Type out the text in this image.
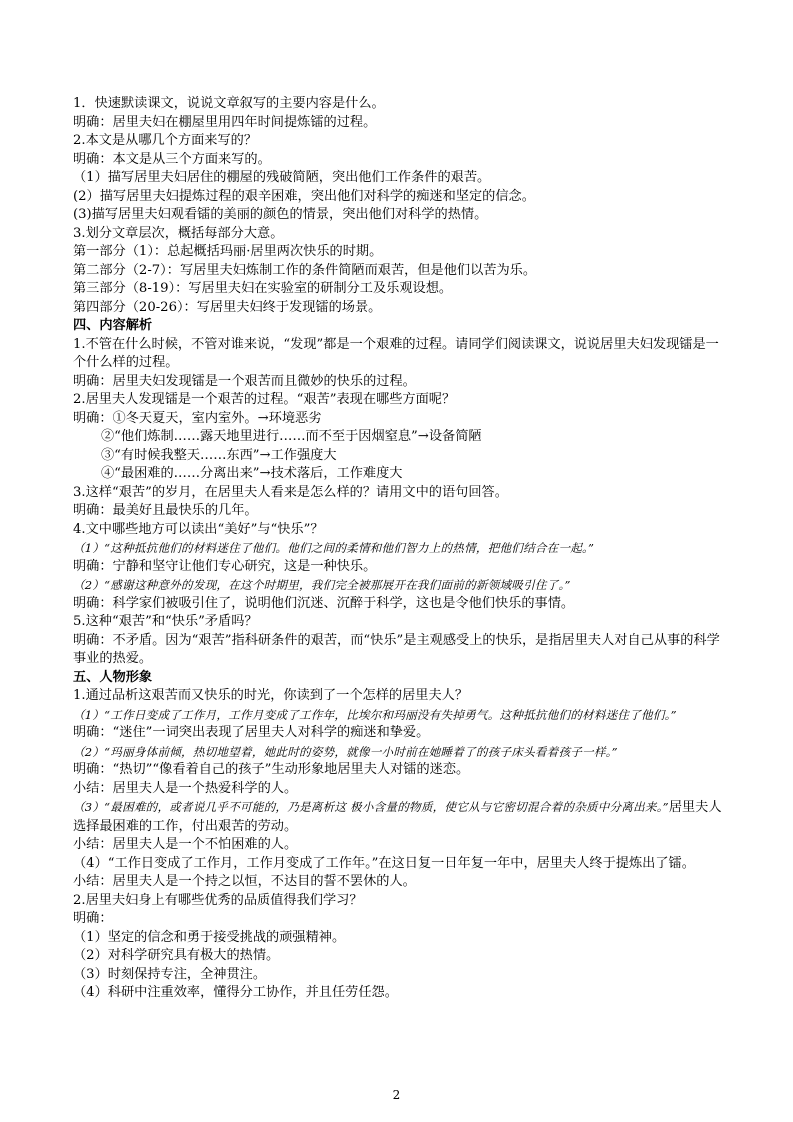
1．快速默读课文，说说文章叙写的主要内容是什么。
明确：居里夫妇在棚屋里用四年时间提炼镭的过程。
2.本文是从哪几个方面来写的？
明确：本文是从三个方面来写的。
（1）描写居里夫妇居住的棚屋的残破简陋，突出他们工作条件的艰苦。
(2）描写居里夫妇提炼过程的艰辛困难，突出他们对科学的痴迷和坚定的信念。
(3)描写居里夫妇观看镭的美丽的颜色的情景，突出他们对科学的热情。
3.划分文章层次，概括每部分大意。
第一部分（1）：总起概括玛丽·居里两次快乐的时期。
第二部分（2-7）：写居里夫妇炼制工作的条件简陋而艰苦，但是他们以苦为乐。
第三部分（8-19）：写居里夫妇在实验室的研制分工及乐观设想。
第四部分（20-26）：写居里夫妇终于发现镭的场景。
四、内容解析
1.不管在什么时候，不管对谁来说，“发现”都是一个艰难的过程。请同学们阅读课文，说说居里夫妇发现镭是一个什么样的过程。
明确：居里夫妇发现镭是一个艰苦而且微妙的快乐的过程。
2.居里夫人发现镭是一个艰苦的过程。“艰苦”表现在哪些方面呢？
明确：①冬天夏天，室内室外。→环境恶劣
②“他们炼制……露天地里进行……而不至于因烟窒息”→设备简陋
③“有时候我整天……东西”→工作强度大
④“最困难的……分离出来”→技术落后，工作难度大
3.这样“艰苦”的岁月，在居里夫人看来是怎么样的？请用文中的语句回答。
明确：最美好且最快乐的几年。
4.文中哪些地方可以读出“美好”与“快乐”？
（1）“这种抵抗他们的材料迷住了他们。他们之间的柔情和他们智力上的热情，把他们结合在一起。”
明确：宁静和坚守让他们专心研究，这是一种快乐。
（2）“感谢这种意外的发现，在这个时期里，我们完全被那展开在我们面前的新领域吸引住了。”
明确：科学家们被吸引住了，说明他们沉迷、沉醉于科学，这也是令他们快乐的事情。
5.这种“艰苦”和“快乐”矛盾吗？
明确：不矛盾。因为“艰苦”指科研条件的艰苦，而“快乐”是主观感受上的快乐，是指居里夫人对自己从事的科学事业的热爱。
五、人物形象
1.通过品析这艰苦而又快乐的时光，你读到了一个怎样的居里夫人？
（1）“工作日变成了工作月，工作月变成了工作年，比埃尔和玛丽没有失掉勇气。这种抵抗他们的材料迷住了他们。”
明确：“迷住”一词突出表现了居里夫人对科学的痴迷和挚爱。
（2）“玛丽身体前倾，热切地望着，她此时的姿势，就像一小时前在她睡着了的孩子床头看着孩子一样。”
明确：“热切”“像看着自己的孩子”生动形象地居里夫人对镭的迷恋。
小结：居里夫人是一个热爱科学的人。
（3）“最困难的，或者说几乎不可能的，乃是离析这 极小含量的物质，使它从与它密切混合着的杂质中分离出来。”居里夫人选择最困难的工作，付出艰苦的劳动。
小结：居里夫人是一个不怕困难的人。
（4）“工作日变成了工作月，工作月变成了工作年。”在这日复一日年复一年中，居里夫人终于提炼出了镭。
小结：居里夫人是一个持之以恒，不达目的誓不罢休的人。
2.居里夫妇身上有哪些优秀的品质值得我们学习？
明确：
（1）坚定的信念和勇于接受挑战的顽强精神。
（2）对科学研究具有极大的热情。
（3）时刻保持专注，全神贯注。
（4）科研中注重效率，懂得分工协作，并且任劳任怨。
2
